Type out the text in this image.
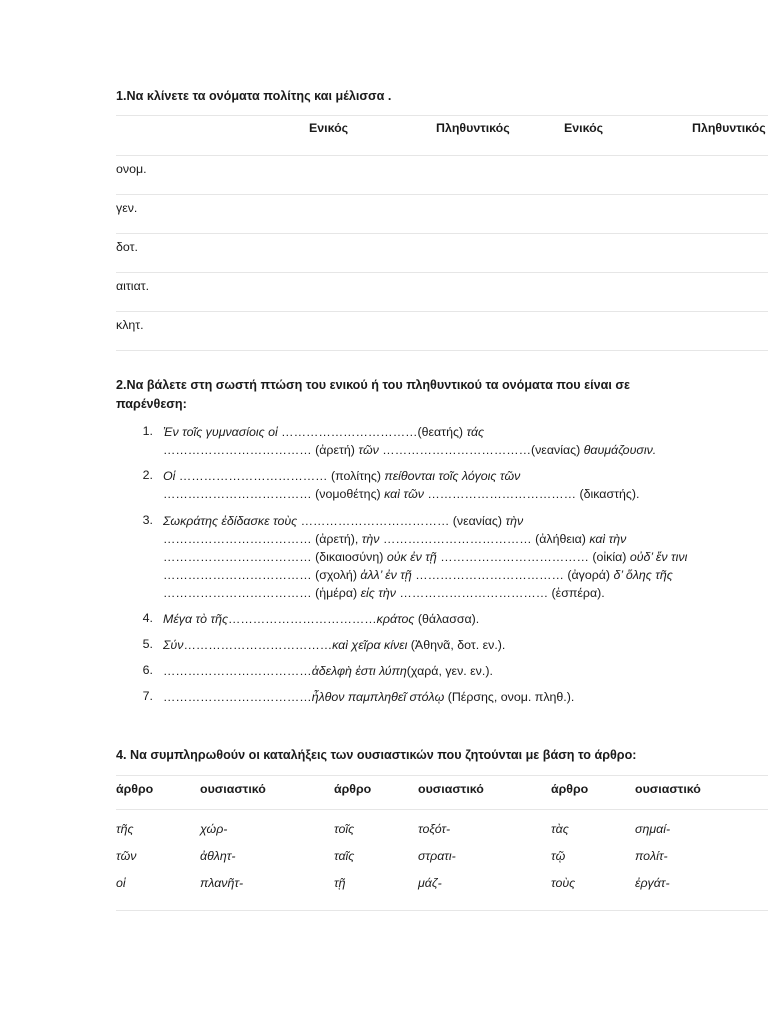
1.Να κλίνετε τα ονόματα πολίτης και μέλισσα .
Ενικός	Πληθυντικός	Ενικός	Πληθυντικός
ονομ.
γεν.
δοτ.
αιτιατ.
κλητ.
2.Να βάλετε στη σωστή πτώση του ενικού ή του πληθυντικού τα ονόματα που είναι σε παρένθεση:
1. Ἐν τοῖς γυμνασίοις οἱ ……………………………(θεατής) τάς
……………………………… (ἀρετή) τῶν ………………………………(νεανίας) θαυμάζουσιν.
2. Οἱ ……………………………… (πολίτης) πείθονται τοῖς λόγοις τῶν
……………………………… (νομοθέτης) καὶ τῶν ……………………………… (δικαστής).
3. Σωκράτης ἐδίδασκε τοὺς ……………………………… (νεανίας) τὴν
……………………………… (ἀρετή), τὴν ……………………………… (ἀλήθεια) καὶ τὴν
……………………………… (δικαιοσύνη) οὐκ ἐν τῇ ……………………………… (οἰκία) οὐδ’ ἔν τινι
……………………………… (σχολή) ἀλλ’ ἐν τῇ ……………………………… (ἀγορά) δ’ ὅλης τῆς
……………………………… (ἡμέρα) εἰς τὴν ……………………………… (ἑσπέρα).
4. Μέγα τὸ τῆς………………………………κράτος (θάλασσα).
5. Σύν………………………………καὶ χεῖρα κίνει (Ἀθηνᾶ, δοτ. εν.).
6. ………………………………ἀδελφὴ ἐστι λύπη(χαρά, γεν. εν.).
7. ………………………………ἦλθον παμπληθεῖ στόλῳ (Πέρσης, ονομ. πληθ.).
4. Να συμπληρωθούν οι καταλήξεις των ουσιαστικών που ζητούνται με βάση το άρθρο:
άρθρο	ουσιαστικό	άρθρο	ουσιαστικό	άρθρο	ουσιαστικό
τῆς	χώρ-	τοῖς	τοξότ-	τὰς	σημαί-
τῶν	ἀθλητ-	ταῖς	στρατι-	τῷ	πολίτ-
οἱ	πλανῆτ-	τῇ	μάζ-	τοὺς	ἐργάτ-
